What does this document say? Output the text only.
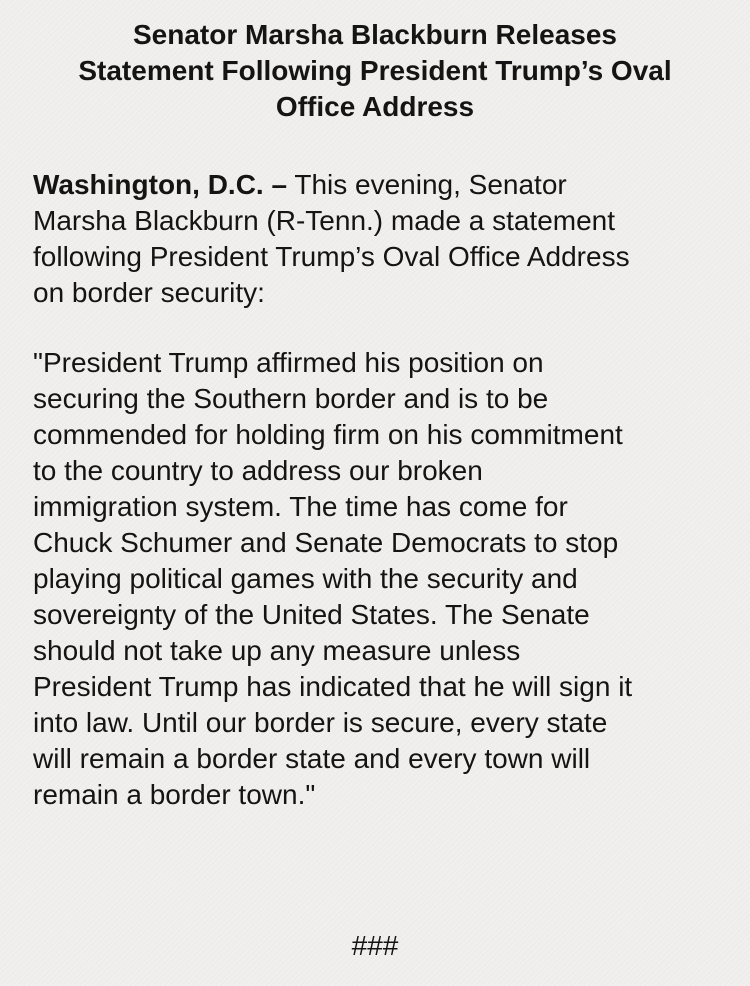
Senator Marsha Blackburn Releases
Statement Following President Trump’s Oval
Office Address

Washington, D.C. – This evening, Senator
Marsha Blackburn (R-Tenn.) made a statement
following President Trump’s Oval Office Address
on border security:

"President Trump affirmed his position on
securing the Southern border and is to be
commended for holding firm on his commitment
to the country to address our broken
immigration system. The time has come for
Chuck Schumer and Senate Democrats to stop
playing political games with the security and
sovereignty of the United States. The Senate
should not take up any measure unless
President Trump has indicated that he will sign it
into law. Until our border is secure, every state
will remain a border state and every town will
remain a border town."

###
